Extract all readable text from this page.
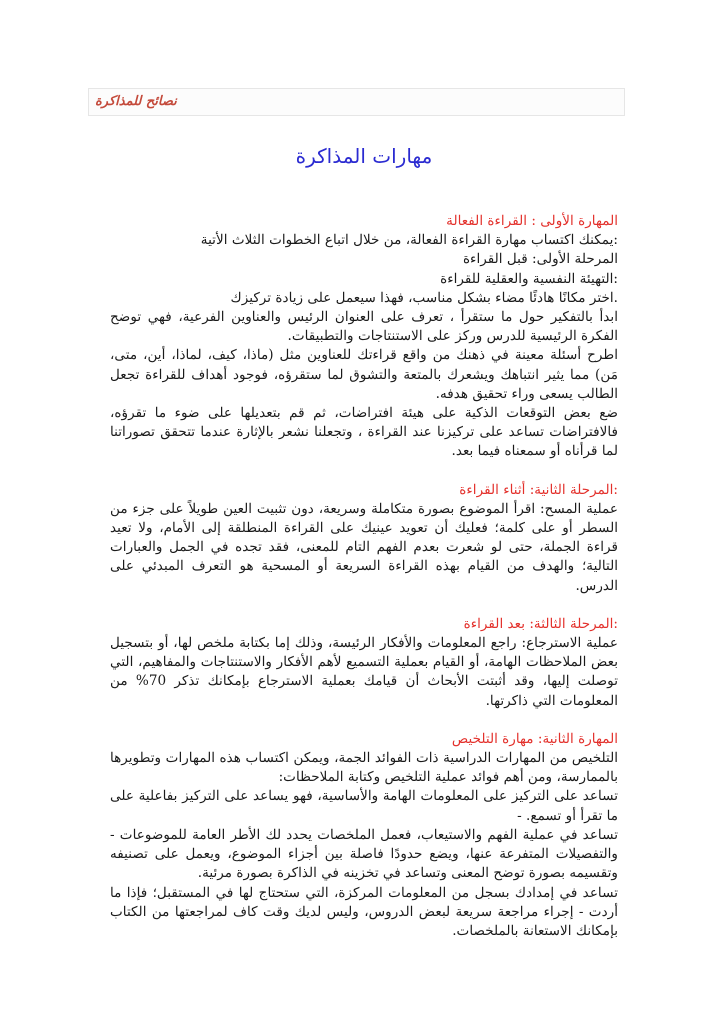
نصائح للمذاكرة
مهارات المذاكرة

المهارة الأولى : القراءة الفعالة

:يمكنك اكتساب مهارة القراءة الفعالة، من خلال اتباع الخطوات الثلاث الأتية

المرحلة الأولى: قبل القراءة

:التهيئة النفسية والعقلية للقراءة

.اختر مكانًا هادئًا مضاء بشكل مناسب، فهذا سيعمل على زيادة تركيزك

ابدأ بالتفكير حول ما ستقرأ ، تعرف على العنوان الرئيس والعناوين الفرعية، فهي توضح الفكرة الرئيسية للدرس وركز على الاستنتاجات والتطبيقات.

اطرح أسئلة معينة في ذهنك من واقع قراءتك للعناوين مثل (ماذا، كيف، لماذا، أين، متى، مَن) مما يثير انتباهك ويشعرك بالمتعة والتشوق لما ستقرؤه، فوجود أهداف للقراءة تجعل الطالب يسعى وراء تحقيق هدفه.

ضع بعض التوقعات الذكية على هيئة افتراضات، ثم قم بتعديلها على ضوء ما تقرؤه، فالافتراضات تساعد على تركيزنا عند القراءة ، وتجعلنا نشعر بالإثارة عندما تتحقق تصوراتنا لما قرأناه أو سمعناه فيما بعد.

:المرحلة الثانية: أثناء القراءة

عملية المسح: اقرأ الموضوع بصورة متكاملة وسريعة، دون تثبيت العين طويلاً على جزء من السطر أو على كلمة؛ فعليك أن تعويد عينيك على القراءة المنطلقة إلى الأمام، ولا تعيد قراءة الجملة، حتى لو شعرت بعدم الفهم التام للمعنى، فقد تجده في الجمل والعبارات التالية؛ والهدف من القيام بهذه القراءة السريعة أو المسحية هو التعرف المبدئي على الدرس.

:المرحلة الثالثة: بعد القراءة

عملية الاسترجاع: راجع المعلومات والأفكار الرئيسة، وذلك إما بكتابة ملخص لها، أو بتسجيل بعض الملاحظات الهامة، أو القيام بعملية التسميع لأهم الأفكار والاستنتاجات والمفاهيم، التي توصلت إليها، وقد أثبتت الأبحاث أن قيامك بعملية الاسترجاع بإمكانك تذكر 70% من المعلومات التي ذاكرتها.

المهارة الثانية: مهارة التلخيص

التلخيص من المهارات الدراسية ذات الفوائد الجمة، ويمكن اكتساب هذه المهارات وتطويرها بالممارسة، ومن أهم فوائد عملية التلخيص وكتابة الملاحظات:

تساعد على التركيز على المعلومات الهامة والأساسية، فهو يساعد على التركيز بفاعلية على ما تقرأ أو تسمع. -

تساعد في عملية الفهم والاستيعاب، فعمل الملخصات يحدد لك الأطر العامة للموضوعات - والتفصيلات المتفرعة عنها، ويضع حدودًا فاصلة بين أجزاء الموضوع، ويعمل على تصنيفه وتقسيمه بصورة توضح المعنى وتساعد في تخزينه في الذاكرة بصورة مرئية.

تساعد في إمدادك بسجل من المعلومات المركزة، التي ستحتاج لها في المستقبل؛ فإذا ما أردت - إجراء مراجعة سريعة لبعض الدروس، وليس لديك وقت كاف لمراجعتها من الكتاب بإمكانك الاستعانة بالملخصات.
